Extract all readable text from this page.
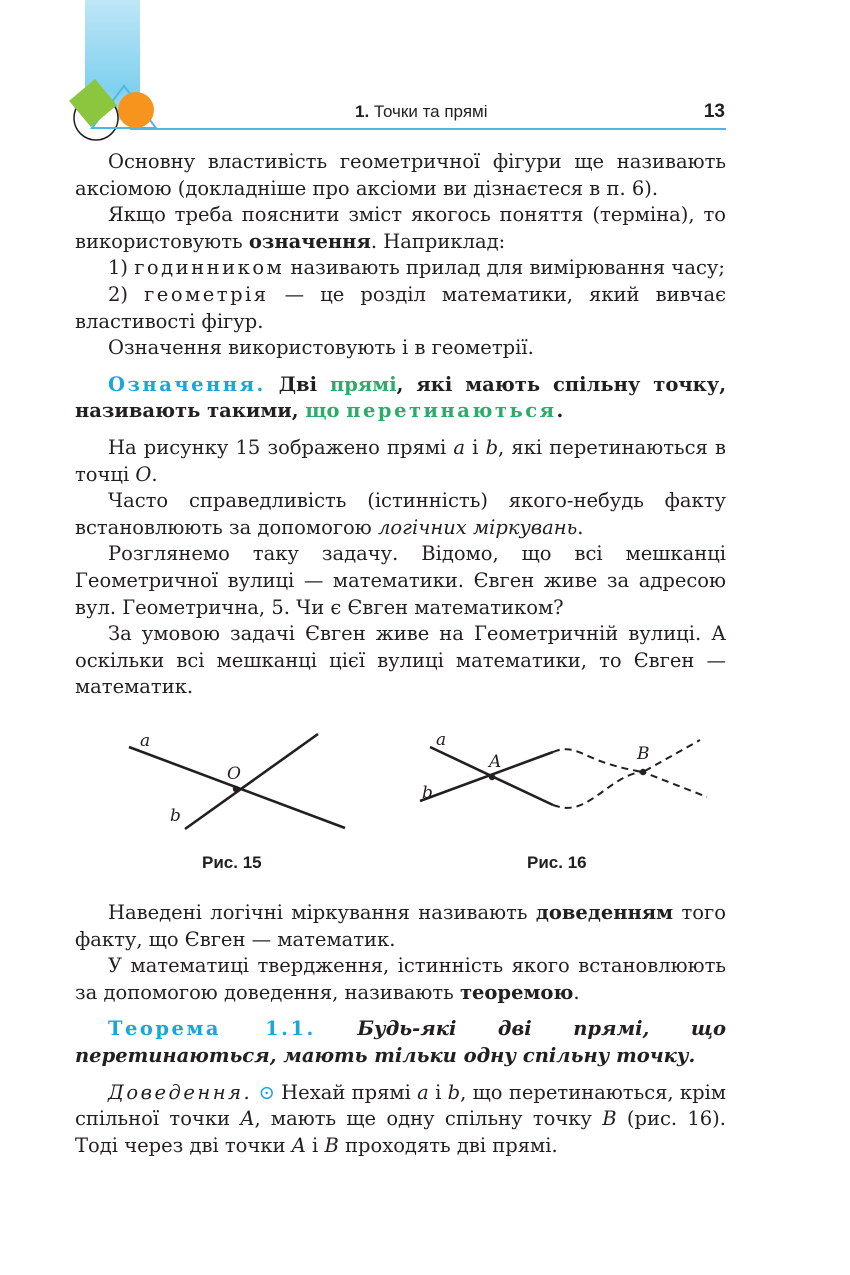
1. Точки та прямі	13

Основну властивість геометричної фігури ще називають аксіомою (докладніше про аксіоми ви дізнаєтеся в п. 6).

Якщо треба пояснити зміст якогось поняття (терміна), то використовують означення. Наприклад:

1) годинником називають прилад для вимірювання часу;

2) геометрія — це розділ математики, який вивчає властивості фігур.

Означення використовують і в геометрії.

Означення. Дві прямі, які мають спільну точку, називають такими, що перетинаються.

На рисунку 15 зображено прямі a і b, які перетинаються в точці O.

Часто справедливість (істинність) якого-небудь факту встановлюють за допомогою логічних міркувань.

Розглянемо таку задачу. Відомо, що всі мешканці Геометричної вулиці — математики. Євген живе за адресою вул. Геометрична, 5. Чи є Євген математиком?

За умовою задачі Євген живе на Геометричній вулиці. А оскільки всі мешканці цієї вулиці математики, то Євген — математик.

a
b
O
Рис. 15
a
b
A	B
Рис. 16

Наведені логічні міркування називають доведенням того факту, що Євген — математик.

У математиці твердження, істинність якого встановлюють за допомогою доведення, називають теоремою.

Теорема 1.1. Будь-які дві прямі, що перетинаються, мають тільки одну спільну точку.

Доведення. ⊙ Нехай прямі a і b, що перетинаються, крім спільної точки A, мають ще одну спільну точку B (рис. 16). Тоді через дві точки A і B проходять дві прямі.
